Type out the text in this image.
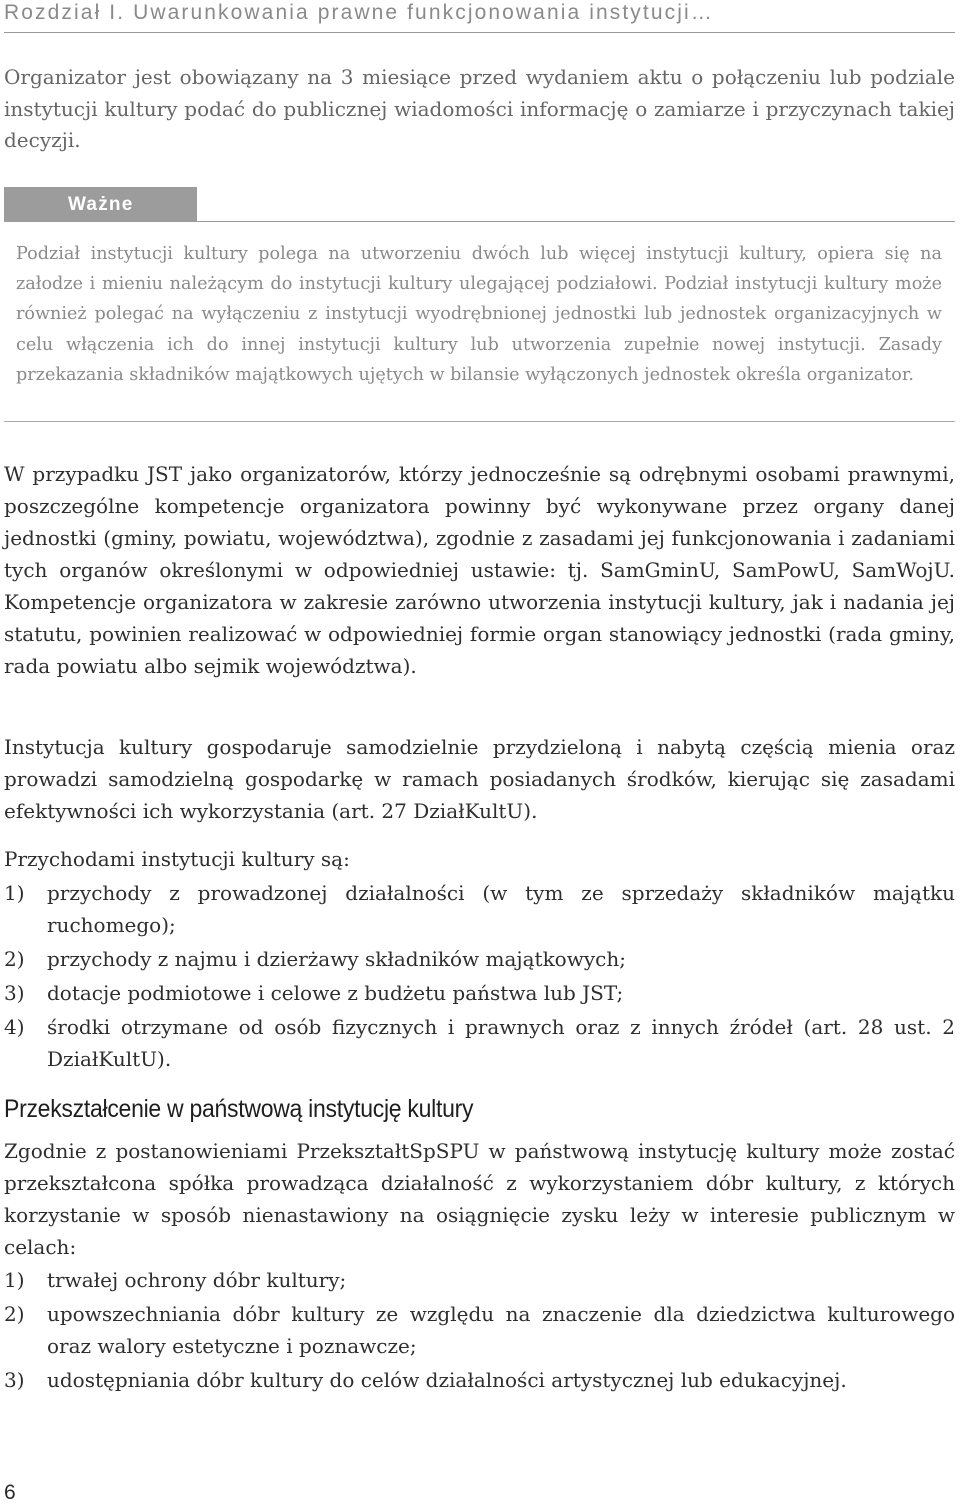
Rozdział I. Uwarunkowania prawne funkcjonowania instytucji…

Organizator jest obowiązany na 3 miesiące przed wydaniem aktu o połączeniu lub podziale instytucji kultury podać do publicznej wiadomości informację o zamiarze i przyczynach takiej decyzji.

Ważne

Podział instytucji kultury polega na utworzeniu dwóch lub więcej instytucji kultury, opiera się na załodze i mieniu należącym do instytucji kultury ulegającej podziałowi. Podział instytucji kultury może również polegać na wyłączeniu z instytucji wyodrębnionej jednostki lub jednostek organizacyjnych w celu włączenia ich do innej instytucji kultury lub utworzenia zupełnie nowej instytucji. Zasady przekazania składników majątkowych ujętych w bilansie wyłączonych jednostek określa organizator.

W przypadku JST jako organizatorów, którzy jednocześnie są odrębnymi osobami prawnymi, poszczególne kompetencje organizatora powinny być wykonywane przez organy danej jednostki (gminy, powiatu, województwa), zgodnie z zasadami jej funkcjonowania i zadaniami tych organów określonymi w odpowiedniej ustawie: tj. SamGminU, SamPowU, SamWojU. Kompetencje organizatora w zakresie zarówno utworzenia instytucji kultury, jak i nadania jej statutu, powinien realizować w odpowiedniej formie organ stanowiący jednostki (rada gminy, rada powiatu albo sejmik województwa).

Instytucja kultury gospodaruje samodzielnie przydzieloną i nabytą częścią mienia oraz prowadzi samodzielną gospodarkę w ramach posiadanych środków, kierując się zasadami efektywności ich wykorzystania (art. 27 DziałKultU).

Przychodami instytucji kultury są:

1) przychody z prowadzonej działalności (w tym ze sprzedaży składników majątku ruchomego);
2) przychody z najmu i dzierżawy składników majątkowych;
3) dotacje podmiotowe i celowe z budżetu państwa lub JST;
4) środki otrzymane od osób fizycznych i prawnych oraz z innych źródeł (art. 28 ust. 2 DziałKultU).
Przekształcenie w państwową instytucję kultury

Zgodnie z postanowieniami PrzekształtSpSPU w państwową instytucję kultury może zostać przekształcona spółka prowadząca działalność z wykorzystaniem dóbr kultury, z których korzystanie w sposób nienastawiony na osiągnięcie zysku leży w interesie publicznym w celach:

1) trwałej ochrony dóbr kultury;
2) upowszechniania dóbr kultury ze względu na znaczenie dla dziedzictwa kulturowego oraz walory estetyczne i poznawcze;
3) udostępniania dóbr kultury do celów działalności artystycznej lub edukacyjnej.
6
